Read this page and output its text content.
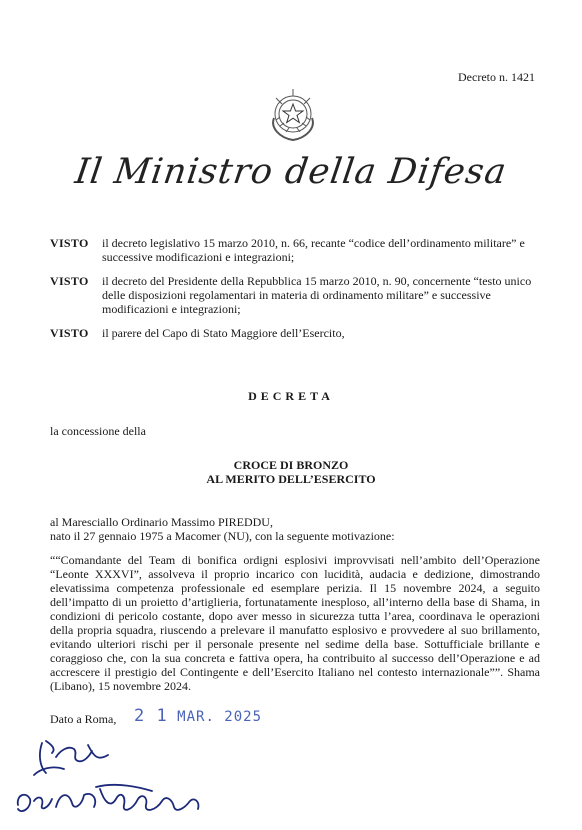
Decreto n. 1421
Il Ministro della Difesa
VISTO	il decreto legislativo 15 marzo 2010, n. 66, recante “codice dell’ordinamento militare” e successive modificazioni e integrazioni;
VISTO	il decreto del Presidente della Repubblica 15 marzo 2010, n. 90, concernente “testo unico delle disposizioni regolamentari in materia di ordinamento militare” e successive modificazioni e integrazioni;
VISTO	il parere del Capo di Stato Maggiore dell’Esercito,
DECRETA
la concessione della
CROCE DI BRONZO
AL MERITO DELL’ESERCITO
al Maresciallo Ordinario Massimo PIREDDU,
nato il 27 gennaio 1975 a Macomer (NU), con la seguente motivazione:
““Comandante del Team di bonifica ordigni esplosivi improvvisati nell’ambito dell’Operazione “Leonte XXXVI”, assolveva il proprio incarico con lucidità, audacia e dedizione, dimostrando elevatissima competenza professionale ed esemplare perizia. Il 15 novembre 2024, a seguito dell’impatto di un proietto d’artiglieria, fortunatamente inesploso, all’interno della base di Shama, in condizioni di pericolo costante, dopo aver messo in sicurezza tutta l’area, coordinava le operazioni della propria squadra, riuscendo a prelevare il manufatto esplosivo e provvedere al suo brillamento, evitando ulteriori rischi per il personale presente nel sedime della base. Sottufficiale brillante e coraggioso che, con la sua concreta e fattiva opera, ha contribuito al successo dell’Operazione e ad accrescere il prestigio del Contingente e dell’Esercito Italiano nel contesto internazionale””. Shama (Libano), 15 novembre 2024.
Dato a Roma, 2 1 MAR. 2025
